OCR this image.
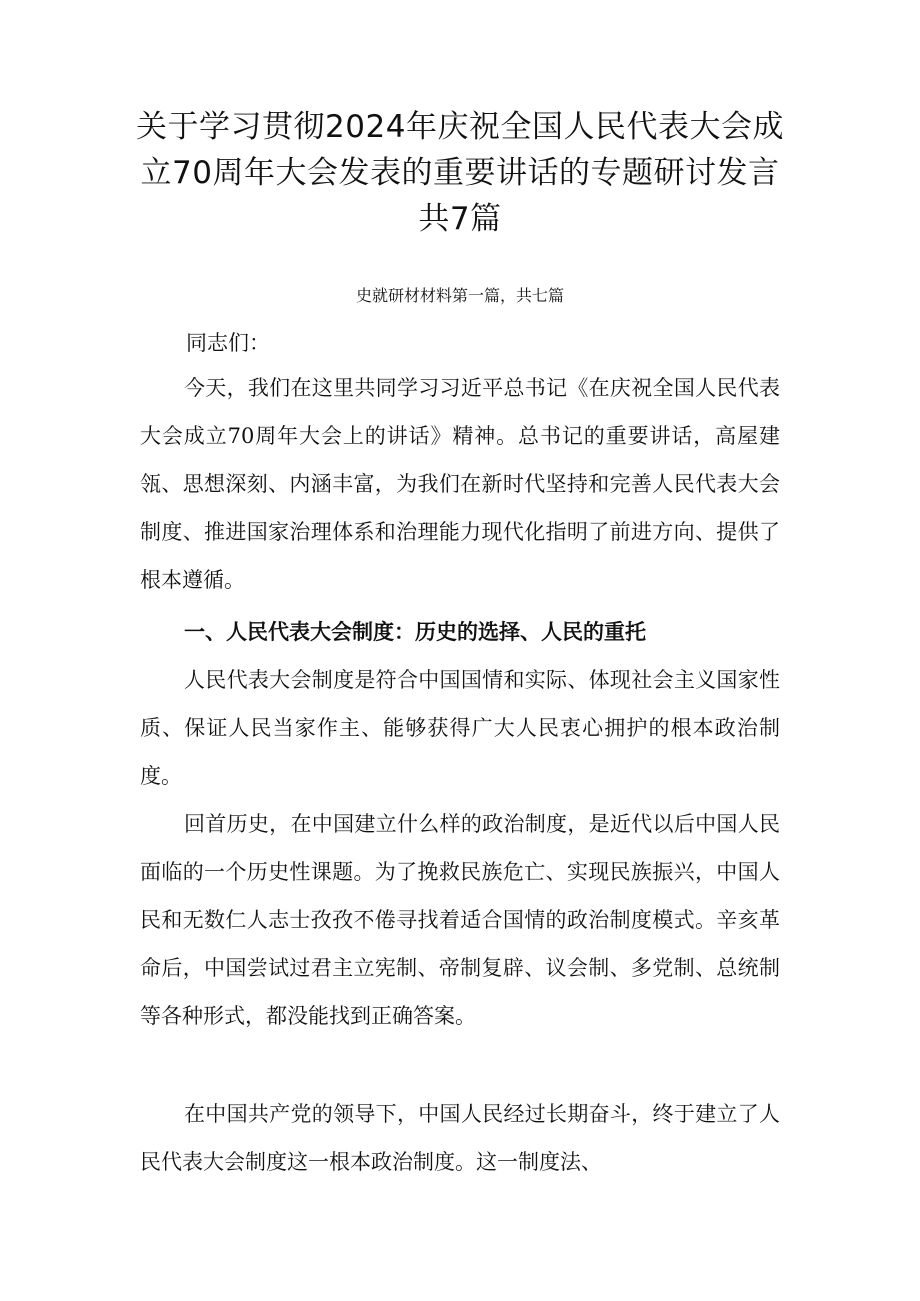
关于学习贯彻2024年庆祝全国人民代表大会成立70周年大会发表的重要讲话的专题研讨发言共7篇

史就研材材料第一篇，共七篇

同志们：

今天，我们在这里共同学习习近平总书记《在庆祝全国人民代表大会成立70周年大会上的讲话》精神。总书记的重要讲话，高屋建瓴、思想深刻、内涵丰富，为我们在新时代坚持和完善人民代表大会制度、推进国家治理体系和治理能力现代化指明了前进方向、提供了根本遵循。

一、人民代表大会制度：历史的选择、人民的重托

人民代表大会制度是符合中国国情和实际、体现社会主义国家性质、保证人民当家作主、能够获得广大人民衷心拥护的根本政治制度。

回首历史，在中国建立什么样的政治制度，是近代以后中国人民面临的一个历史性课题。为了挽救民族危亡、实现民族振兴，中国人民和无数仁人志士孜孜不倦寻找着适合国情的政治制度模式。辛亥革命后，中国尝试过君主立宪制、帝制复辟、议会制、多党制、总统制等各种形式，都没能找到正确答案。

在中国共产党的领导下，中国人民经过长期奋斗，终于建立了人民代表大会制度这一根本政治制度。这一制度法、
